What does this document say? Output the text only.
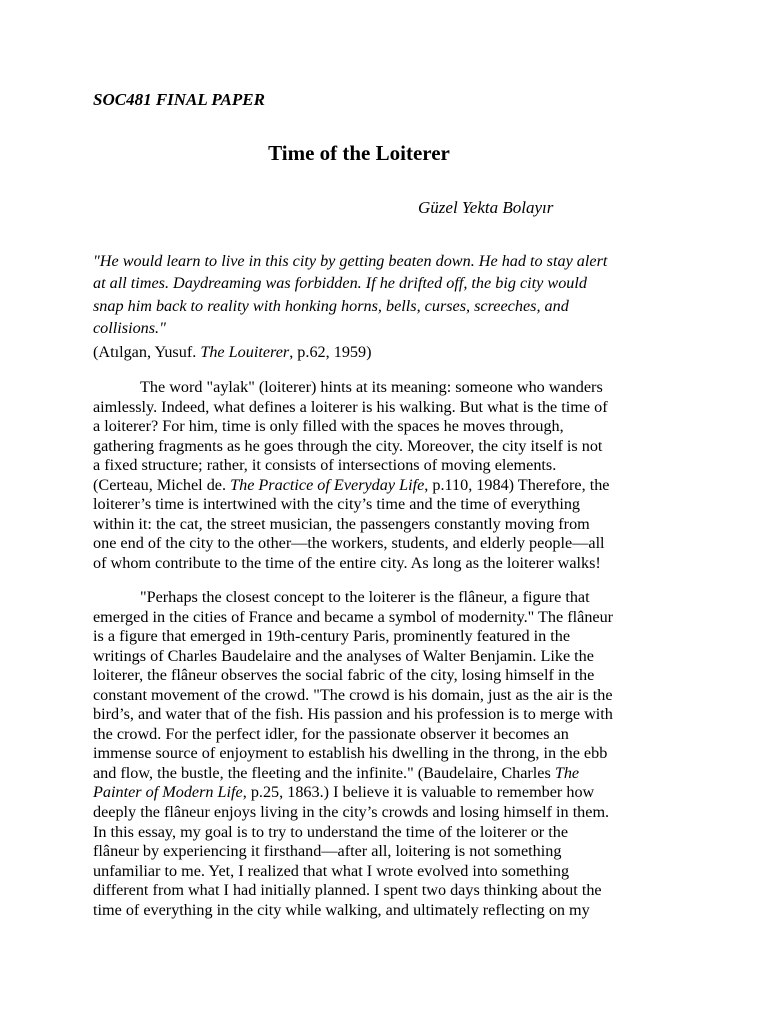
SOC481 FINAL PAPER
Time of the Loiterer
Güzel Yekta Bolayır
"He would learn to live in this city by getting beaten down. He had to stay alert
at all times. Daydreaming was forbidden. If he drifted off, the big city would
snap him back to reality with honking horns, bells, curses, screeches, and
collisions."
(Atılgan, Yusuf. The Louiterer, p.62, 1959)
The word "aylak" (loiterer) hints at its meaning: someone who wanders
aimlessly. Indeed, what defines a loiterer is his walking. But what is the time of
a loiterer? For him, time is only filled with the spaces he moves through,
gathering fragments as he goes through the city. Moreover, the city itself is not
a fixed structure; rather, it consists of intersections of moving elements.
(Certeau, Michel de. The Practice of Everyday Life, p.110, 1984) Therefore, the
loiterer’s time is intertwined with the city’s time and the time of everything
within it: the cat, the street musician, the passengers constantly moving from
one end of the city to the other—the workers, students, and elderly people—all
of whom contribute to the time of the entire city. As long as the loiterer walks!
"Perhaps the closest concept to the loiterer is the flâneur, a figure that
emerged in the cities of France and became a symbol of modernity." The flâneur
is a figure that emerged in 19th-century Paris, prominently featured in the
writings of Charles Baudelaire and the analyses of Walter Benjamin. Like the
loiterer, the flâneur observes the social fabric of the city, losing himself in the
constant movement of the crowd. "The crowd is his domain, just as the air is the
bird’s, and water that of the fish. His passion and his profession is to merge with
the crowd. For the perfect idler, for the passionate observer it becomes an
immense source of enjoyment to establish his dwelling in the throng, in the ebb
and flow, the bustle, the fleeting and the infinite." (Baudelaire, Charles The
Painter of Modern Life, p.25, 1863.) I believe it is valuable to remember how
deeply the flâneur enjoys living in the city’s crowds and losing himself in them.
In this essay, my goal is to try to understand the time of the loiterer or the
flâneur by experiencing it firsthand—after all, loitering is not something
unfamiliar to me. Yet, I realized that what I wrote evolved into something
different from what I had initially planned. I spent two days thinking about the
time of everything in the city while walking, and ultimately reflecting on my
